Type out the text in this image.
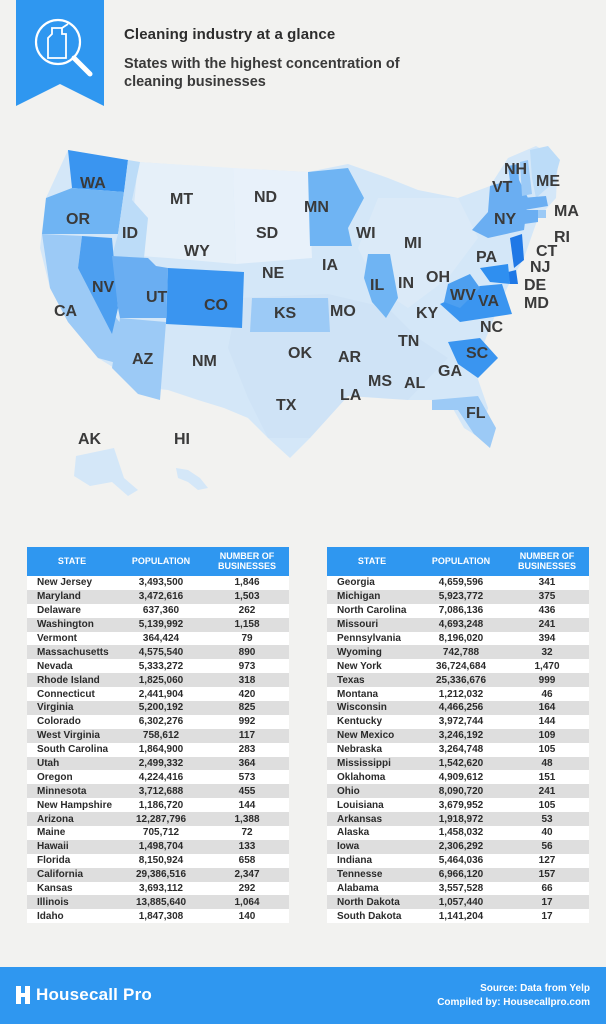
Cleaning industry at a glance
States with the highest concentration of cleaning businesses
WA
OR
CA
ID
NV
MT
WY
UT
AZ
CO
NM
ND
SD
NE
KS
OK
TX
MN
IA
MO
AR
LA
WI
IL
MI
IN OH
KY
TN
MS AL
GA
FL
SC
NC
VA
WV
PA
NY
VT
NH
ME
MA
RI
CT
NJ
DE
MD
AK	HI
STATE	POPULATION	NUMBER OF BUSINESSES
New Jersey	3,493,500	1,846
Maryland	3,472,616	1,503
Delaware	637,360	262
Washington	5,139,992	1,158
Vermont	364,424	79
Massachusetts	4,575,540	890
Nevada	5,333,272	973
Rhode Island	1,825,060	318
Connecticut	2,441,904	420
Virginia	5,200,192	825
Colorado	6,302,276	992
West Virginia	758,612	117
South Carolina	1,864,900	283
Utah	2,499,332	364
Oregon	4,224,416	573
Minnesota	3,712,688	455
New Hampshire	1,186,720	144
Arizona	12,287,796	1,388
Maine	705,712	72
Hawaii	1,498,704	133
Florida	8,150,924	658
California	29,386,516	2,347
Kansas	3,693,112	292
Illinois	13,885,640	1,064
Idaho	1,847,308	140
STATE	POPULATION	NUMBER OF BUSINESSES
Georgia	4,659,596	341
Michigan	5,923,772	375
North Carolina	7,086,136	436
Missouri	4,693,248	241
Pennsylvania	8,196,020	394
Wyoming	742,788	32
New York	36,724,684	1,470
Texas	25,336,676	999
Montana	1,212,032	46
Wisconsin	4,466,256	164
Kentucky	3,972,744	144
New Mexico	3,246,192	109
Nebraska	3,264,748	105
Mississippi	1,542,620	48
Oklahoma	4,909,612	151
Ohio	8,090,720	241
Louisiana	3,679,952	105
Arkansas	1,918,972	53
Alaska	1,458,032	40
Iowa	2,306,292	56
Indiana	5,464,036	127
Tennesse	6,966,120	157
Alabama	3,557,528	66
North Dakota	1,057,440	17
South Dakota	1,141,204	17
Housecall Pro	Source: Data from Yelp
Compiled by: Housecallpro.com
